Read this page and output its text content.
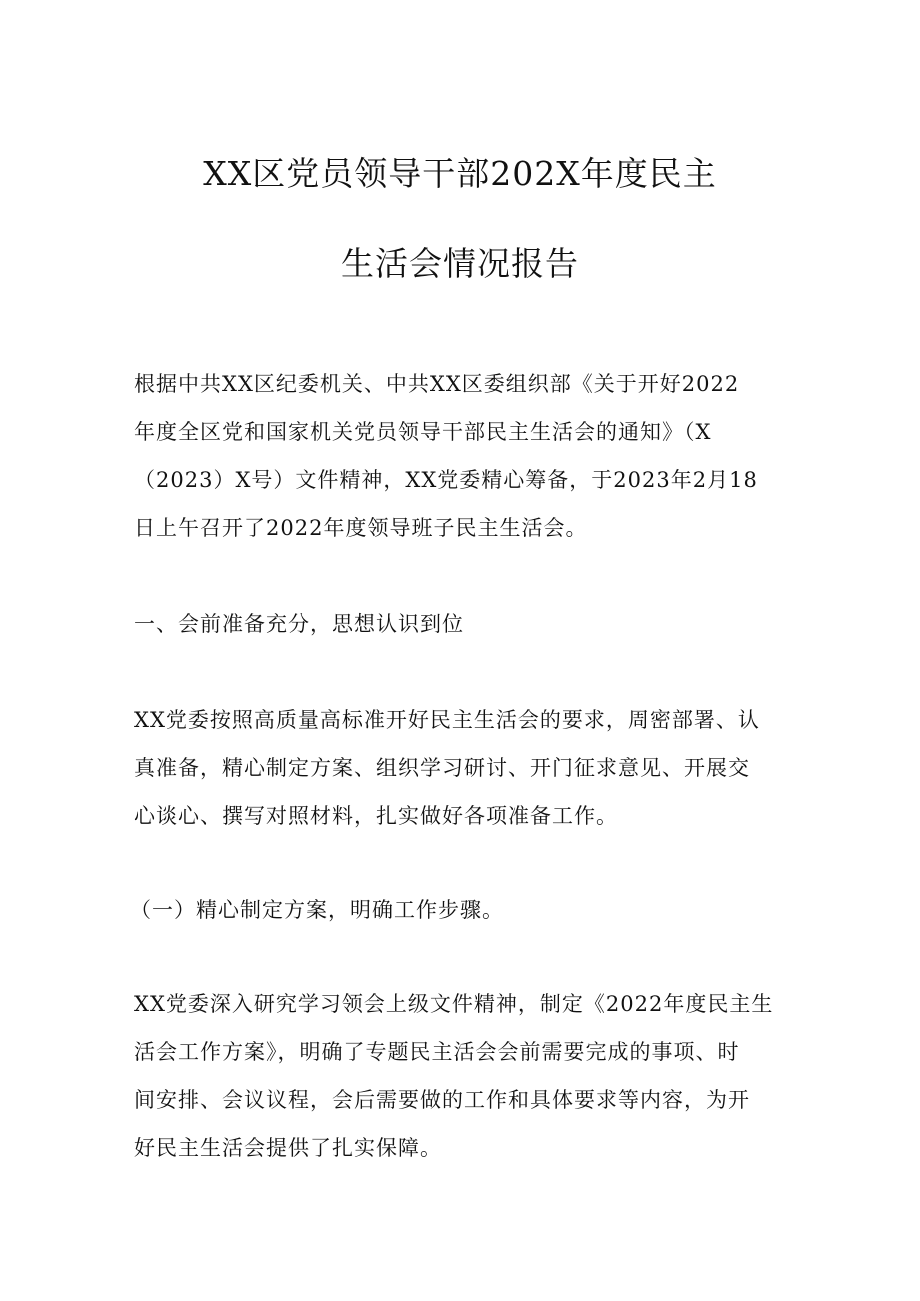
XX区党员领导干部202X年度民主
生活会情况报告

根据中共XX区纪委机关、中共XX区委组织部《关于开好2022
年度全区党和国家机关党员领导干部民主生活会的通知》（X
（2023）X号）文件精神，XX党委精心筹备，于2023年2月18
日上午召开了2022年度领导班子民主生活会。

一、会前准备充分，思想认识到位

XX党委按照高质量高标准开好民主生活会的要求，周密部署、认
真准备，精心制定方案、组织学习研讨、开门征求意见、开展交
心谈心、撰写对照材料，扎实做好各项准备工作。

（一）精心制定方案，明确工作步骤。

XX党委深入研究学习领会上级文件精神，制定《2022年度民主生
活会工作方案》，明确了专题民主活会会前需要完成的事项、时
间安排、会议议程，会后需要做的工作和具体要求等内容，为开
好民主生活会提供了扎实保障。
